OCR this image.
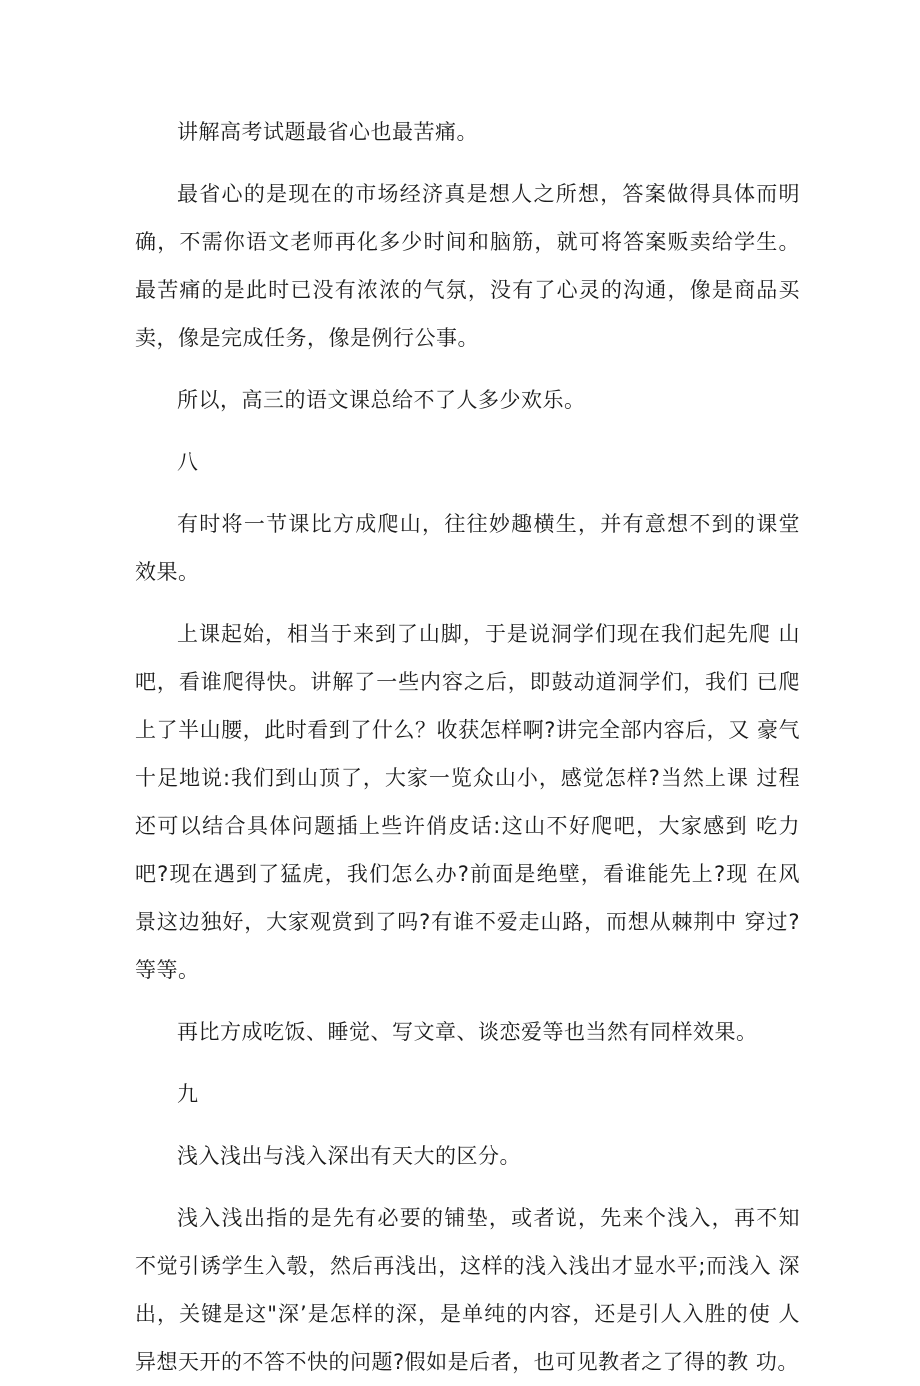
讲解高考试题最省心也最苦痛。

最省心的是现在的市场经济真是想人之所想，答案做得具体而明 确，不需你语文老师再化多少时间和脑筋，就可将答案贩卖给学生。 最苦痛的是此时已没有浓浓的气氛，没有了心灵的沟通，像是商品买 卖，像是完成任务，像是例行公事。

所以，高三的语文课总给不了人多少欢乐。

八

有时将一节课比方成爬山，往往妙趣横生，并有意想不到的课堂 效果。

上课起始，相当于来到了山脚，于是说洞学们现在我们起先爬 山吧，看谁爬得快。讲解了一些内容之后，即鼓动道洞学们，我们 已爬上了半山腰，此时看到了什么？收获怎样啊?讲完全部内容后，又 豪气十足地说:我们到山顶了，大家一览众山小，感觉怎样?当然上课 过程还可以结合具体问题插上些许俏皮话:这山不好爬吧，大家感到 吃力吧?现在遇到了猛虎，我们怎么办?前面是绝壁，看谁能先上?现 在风景这边独好，大家观赏到了吗?有谁不爱走山路，而想从棘荆中 穿过?等等。

再比方成吃饭、睡觉、写文章、谈恋爱等也当然有同样效果。

九

浅入浅出与浅入深出有天大的区分。

浅入浅出指的是先有必要的铺垫，或者说，先来个浅入，再不知 不觉引诱学生入彀，然后再浅出，这样的浅入浅出才显水平;而浅入 深出，关键是这"深’是怎样的深，是单纯的内容，还是引人入胜的使 人异想天开的不答不快的问题?假如是后者，也可见教者之了得的教 功。
